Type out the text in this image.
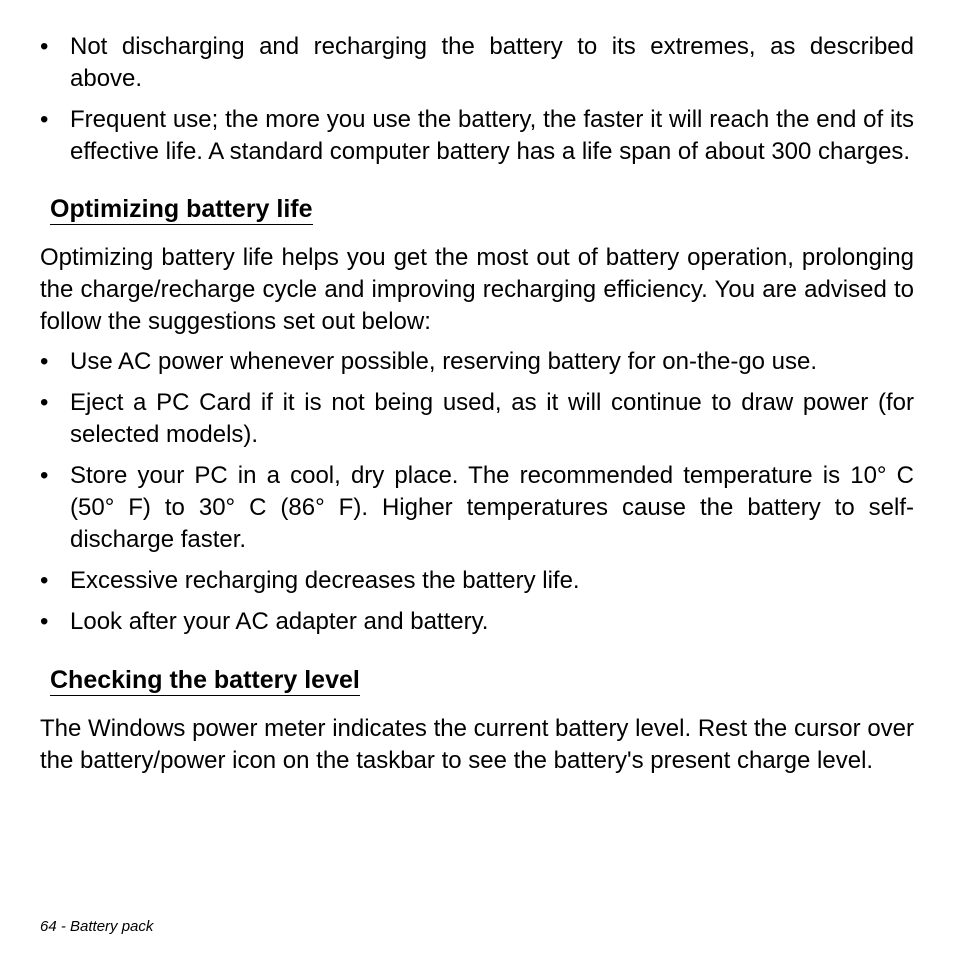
• Not discharging and recharging the battery to its extremes, as described above.
• Frequent use; the more you use the battery, the faster it will reach the end of its effective life. A standard computer battery has a life span of about 300 charges.
Optimizing battery life

Optimizing battery life helps you get the most out of battery operation, prolonging the charge/recharge cycle and improving recharging efficiency. You are advised to follow the suggestions set out below:

• Use AC power whenever possible, reserving battery for on-the-go use.
• Eject a PC Card if it is not being used, as it will continue to draw power (for selected models).
• Store your PC in a cool, dry place. The recommended temperature is 10° C (50° F) to 30° C (86° F). Higher temperatures cause the battery to self-discharge faster.
• Excessive recharging decreases the battery life.
• Look after your AC adapter and battery.
Checking the battery level

The Windows power meter indicates the current battery level. Rest the cursor over the battery/power icon on the taskbar to see the battery's present charge level.

64 - Battery pack
